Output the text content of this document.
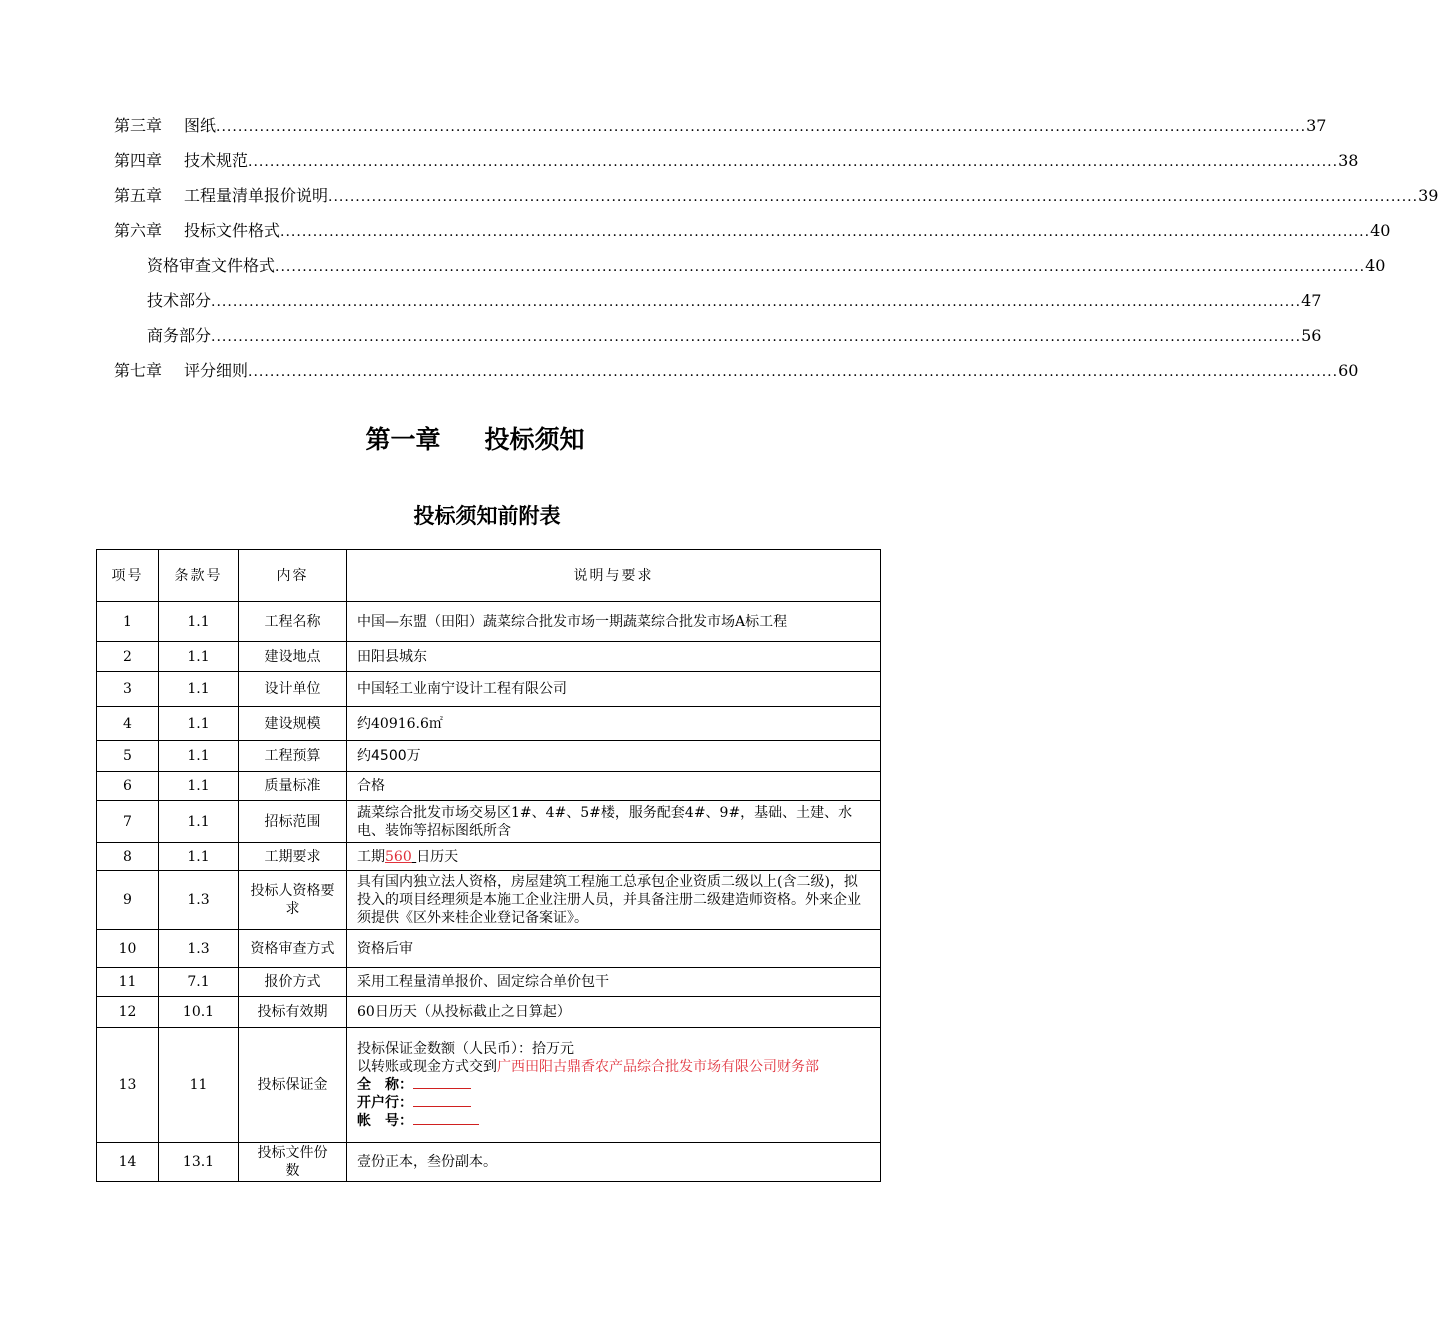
第三章 图纸 ........................................................................................................................................................................................................ 37
第四章 技术规范 ........................................................................................................................................................................................................ 38
第五章 工程量清单报价说明 ........................................................................................................................................................................................................ 39
第六章 投标文件格式 ........................................................................................................................................................................................................ 40
资格审查文件格式 ........................................................................................................................................................................................................ 40
技术部分 ........................................................................................................................................................................................................ 47
商务部分 ........................................................................................................................................................................................................ 56
第七章 评分细则 ........................................................................................................................................................................................................ 60
第一章 投标须知
投标须知前附表
项号	条款号	内容	说明与要求
1	1.1	工程名称	中国—东盟（田阳）蔬菜综合批发市场一期蔬菜综合批发市场A标工程
2	1.1	建设地点	田阳县城东
3	1.1	设计单位	中国轻工业南宁设计工程有限公司
4	1.1	建设规模	约40916.6㎡
5	1.1	工程预算	约4500万
6	1.1	质量标准	合格
7	1.1	招标范围	蔬菜综合批发市场交易区1#、4#、5#楼，服务配套4#、9#，基础、土建、水电、装饰等招标图纸所含
8	1.1	工期要求	工期560 日历天
9	1.3	投标人资格要求	具有国内独立法人资格，房屋建筑工程施工总承包企业资质二级以上(含二级)，拟投入的项目经理须是本施工企业注册人员，并具备注册二级建造师资格。外来企业须提供《区外来桂企业登记备案证》。
10	1.3	资格审查方式	资格后审
11	7.1	报价方式	采用工程量清单报价、固定综合单价包干
12	10.1	投标有效期	60日历天（从投标截止之日算起）
13	11	投标保证金	投标保证金数额（人民币）：拾万元
以转账或现金方式交到广西田阳古鼎香农产品综合批发市场有限公司财务部
全　称：
开户行：
帐　号：

14	13.1	投标文件份 数	壹份正本，叁份副本。
